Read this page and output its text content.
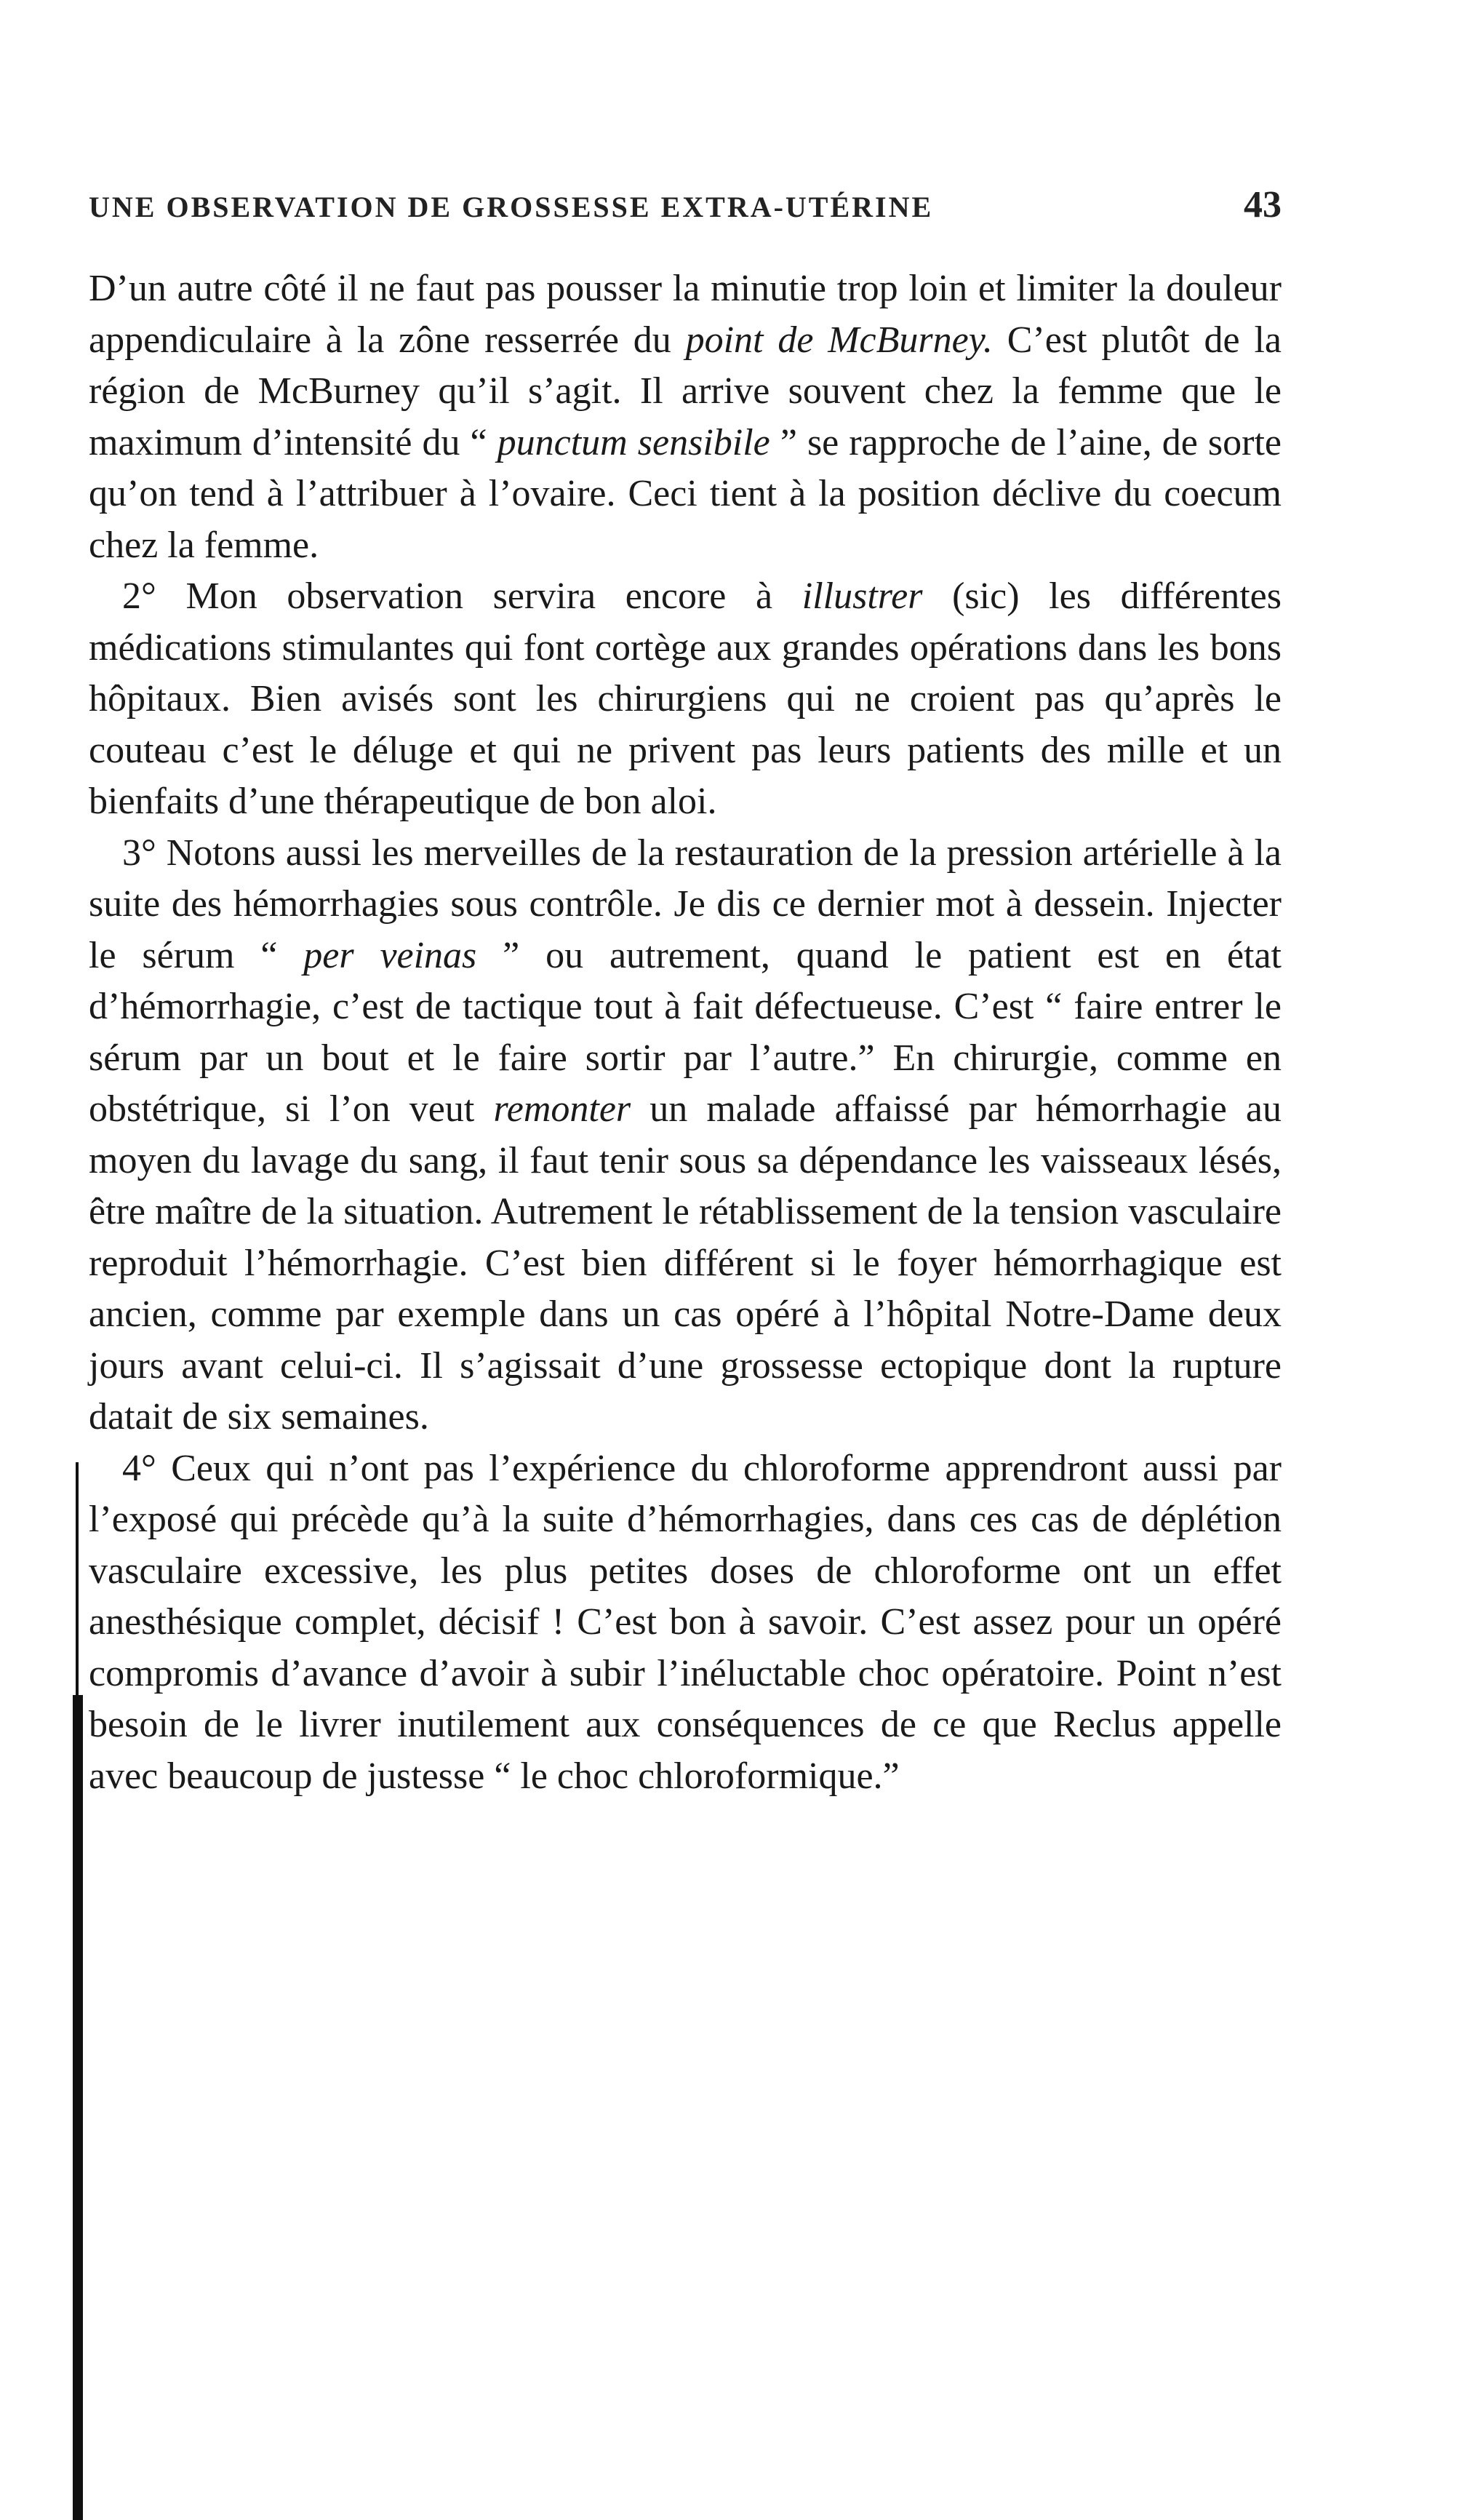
UNE OBSERVATION DE GROSSESSE EXTRA-UTÉRINE	43

D’un autre côté il ne faut pas pousser la minutie trop loin et limiter la douleur appendiculaire à la zône resserrée du point de McBurney. C’est plutôt de la région de McBurney qu’il s’agit. Il arrive souvent chez la femme que le maximum d’intensité du “ punctum sensibile ” se rapproche de l’aine, de sorte qu’on tend à l’attribuer à l’ovaire. Ceci tient à la position déclive du coecum chez la femme.

2° Mon observation servira encore à illustrer (sic) les différentes médications stimulantes qui font cortège aux grandes opérations dans les bons hôpitaux. Bien avisés sont les chirurgiens qui ne croient pas qu’après le couteau c’est le déluge et qui ne privent pas leurs patients des mille et un bienfaits d’une thérapeutique de bon aloi.

3° Notons aussi les merveilles de la restauration de la pression artérielle à la suite des hémorrhagies sous contrôle. Je dis ce dernier mot à dessein. Injecter le sérum “ per veinas ” ou autrement, quand le patient est en état d’hémorrhagie, c’est de tactique tout à fait défectueuse. C’est “ faire entrer le sérum par un bout et le faire sortir par l’autre.” En chirurgie, comme en obstétrique, si l’on veut remonter un malade affaissé par hémorrhagie au moyen du lavage du sang, il faut tenir sous sa dépendance les vaisseaux lésés, être maître de la situation. Autrement le rétablissement de la tension vasculaire reproduit l’hémorrhagie. C’est bien différent si le foyer hémorrhagique est ancien, comme par exemple dans un cas opéré à l’hôpital Notre-Dame deux jours avant celui-ci. Il s’agissait d’une grossesse ectopique dont la rupture datait de six semaines.

4° Ceux qui n’ont pas l’expérience du chloroforme apprendront aussi par l’exposé qui précède qu’à la suite d’hémorrhagies, dans ces cas de déplétion vasculaire excessive, les plus petites doses de chloroforme ont un effet anesthésique complet, décisif ! C’est bon à savoir. C’est assez pour un opéré compromis d’avance d’avoir à subir l’inéluctable choc opératoire. Point n’est besoin de le livrer inutilement aux conséquences de ce que Reclus appelle avec beaucoup de justesse “ le choc chloroformique.”
